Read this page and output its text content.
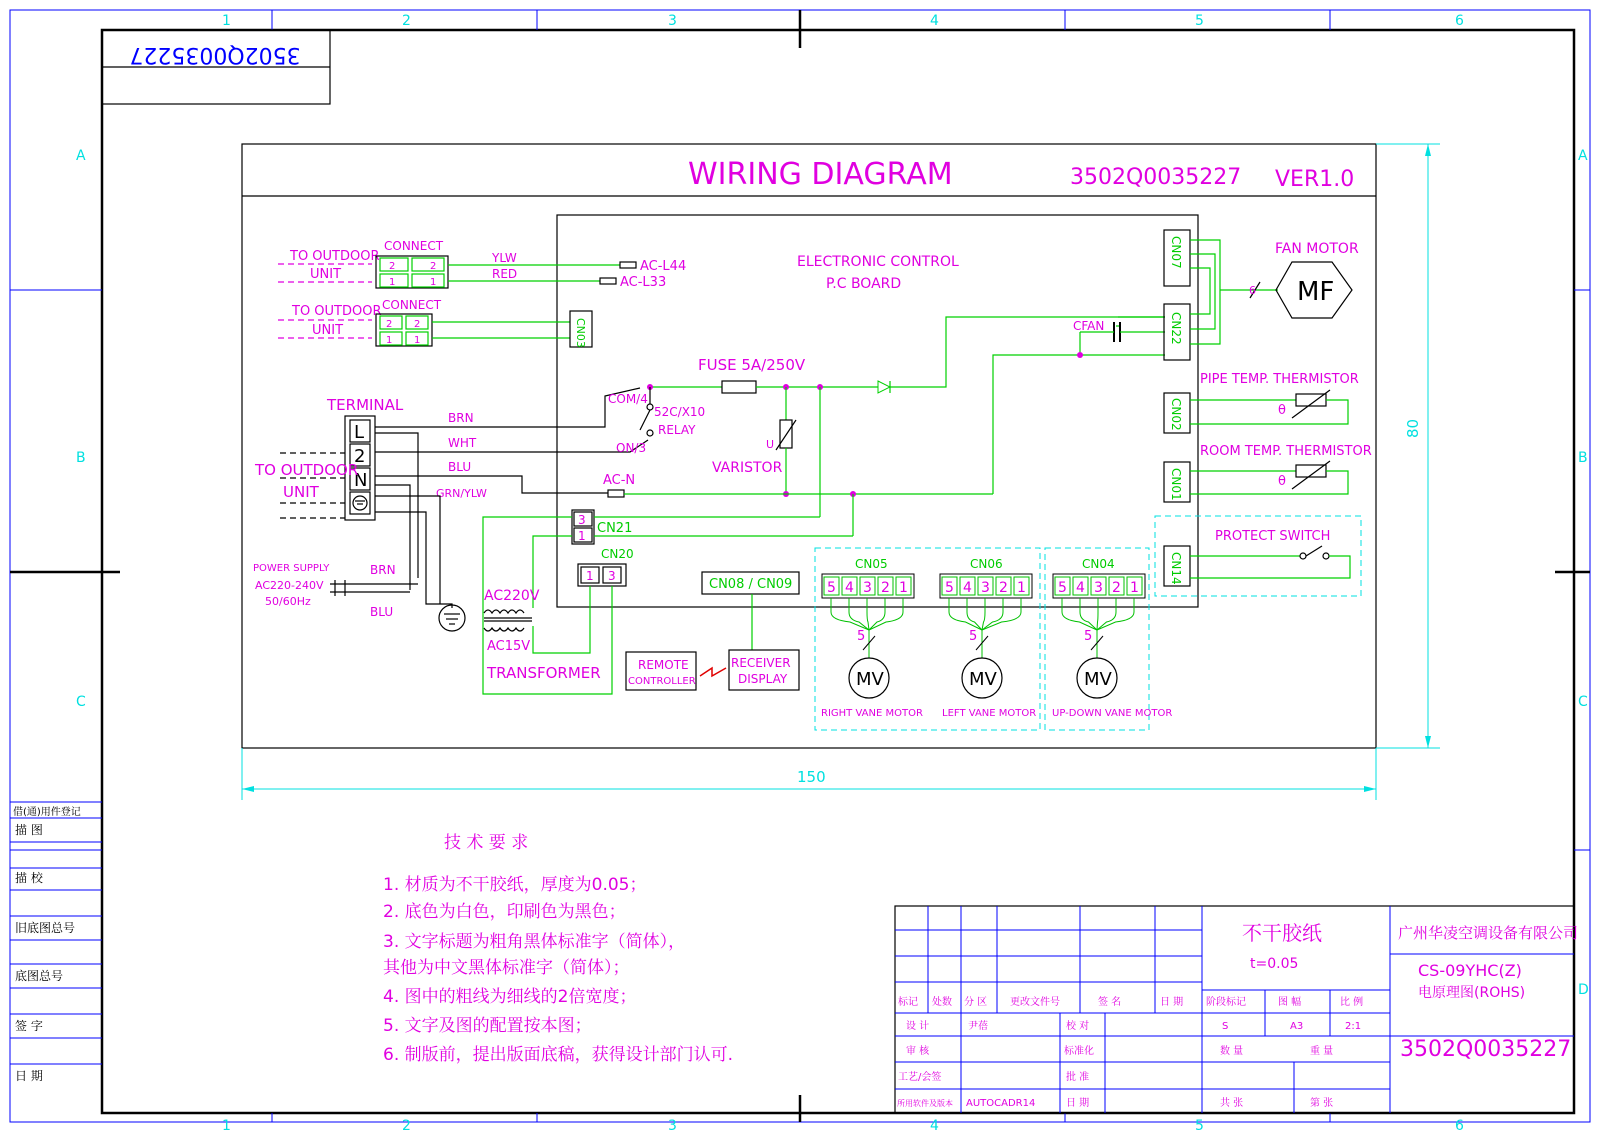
1	2	3	4	5	6
1	2	3	4	5	6
A
B
C
A
B
C
D
3502Q0035227
WIRING DIAGRAM	3502Q0035227 VER1.0
ELECTRONIC CONTROL
P.C BOARD
TO OUTDOOR
UNIT
CONNECT
2	2
1	1
YLW
RED	AC-L44
AC-L33
TO OUTDOOR
UNIT
CONNECT
2 2
1 1	CN03
TERMINAL
L
2
N
TO OUTDOOR
UNIT
BRN
WHT
BLU
GRN/YLW
POWER SUPPLY
AC220-240V
50/60Hz
BRN
BLU
CFAN
FUSE 5A/250V
COM/4
52C/X10
RELAY
ON/3	U
VARISTOR
AC-N
3
1 CN21
AC220V
AC15V
TRANSFORMER
CN20
1 3
CN08 / CN09
REMOTE
CONTROLLER
RECEIVER
DISPLAY
CN05	CN06	CN04
5 4 3 2 1	5 4 3 2 1 5 4 3 2 1
MV
5
RIGHT VANE MOTOR
MV
5
LEFT VANE MOTOR
MV
5
UP-DOWN VANE MOTOR
CN07
CN22
6 MF
FAN MOTOR
CN02
PIPE TEMP. THERMISTOR
θ
CN01
ROOM TEMP. THERMISTOR
θ
CN14
PROTECT SWITCH
150
80
技 术 要 求
1. 材质为不干胶纸，厚度为0.05；
2. 底色为白色，印刷色为黑色；
3. 文字标题为粗角黑体标准字（简体），
其他为中文黑体标准字（简体）；
4. 图中的粗线为细线的2倍宽度；
5. 文字及图的配置按本图；
6. 制版前，提出版面底稿，获得设计部门认可.
借(通)用件登记
描 图
描 校
旧底图总号
底图总号
签 字
日 期
不干胶纸
t=0.05
广州华凌空调设备有限公司
CS-09YHC(Z)
电原理图(ROHS)
3502Q0035227
标记 处数 分 区 更改文件号	签 名	日 期 阶段标记	图 幅	比 例
设 计	尹蓓	校 对	S	A3	2:1
审 核	标准化	数 量	重 量
工艺/会签	批 准
所用软件及版本 AUTOCADR14	日 期	共 张	第 张
